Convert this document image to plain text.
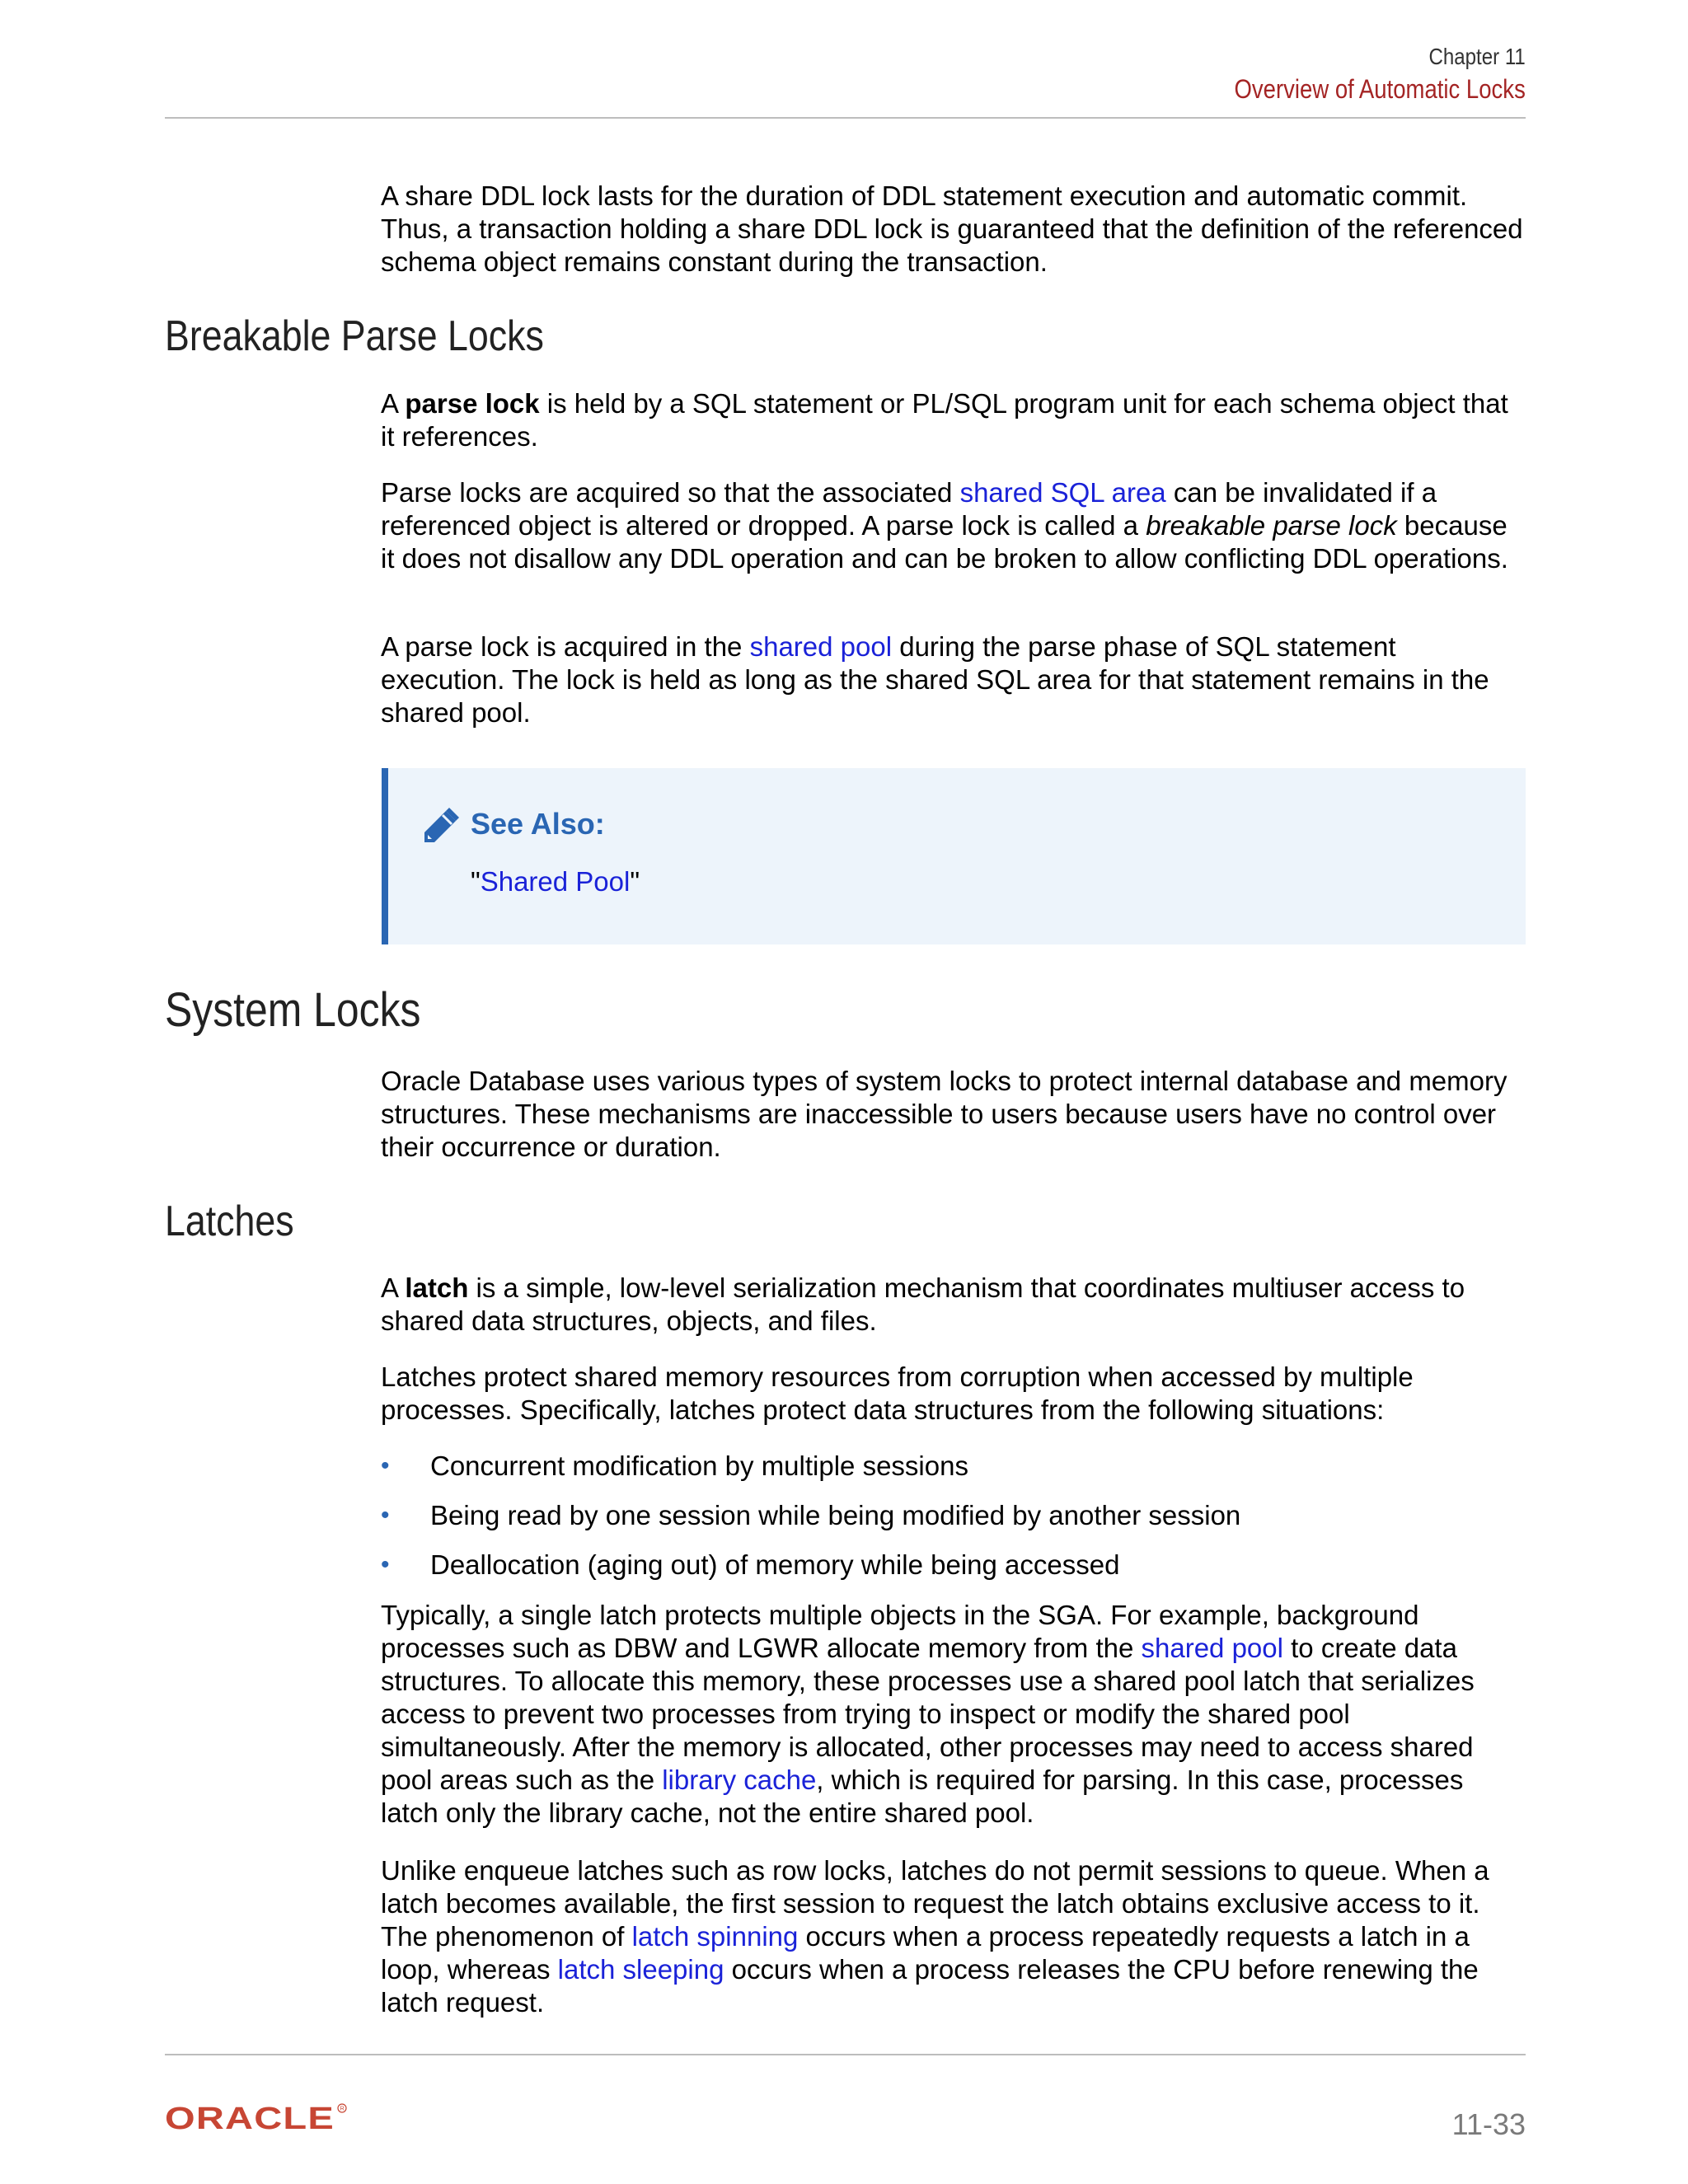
Chapter 11
Overview of Automatic Locks
A share DDL lock lasts for the duration of DDL statement execution and automatic commit. Thus, a transaction holding a share DDL lock is guaranteed that the definition of the referenced schema object remains constant during the transaction.
Breakable Parse Locks
A parse lock is held by a SQL statement or PL/SQL program unit for each schema object that it references.
Parse locks are acquired so that the associated shared SQL area can be invalidated if a referenced object is altered or dropped. A parse lock is called a breakable parse lock because it does not disallow any DDL operation and can be broken to allow conflicting DDL operations.
A parse lock is acquired in the shared pool during the parse phase of SQL statement execution. The lock is held as long as the shared SQL area for that statement remains in the shared pool.
See Also:
"Shared Pool"
System Locks
Oracle Database uses various types of system locks to protect internal database and memory structures. These mechanisms are inaccessible to users because users have no control over their occurrence or duration.
Latches
A latch is a simple, low-level serialization mechanism that coordinates multiuser access to shared data structures, objects, and files.
Latches protect shared memory resources from corruption when accessed by multiple processes. Specifically, latches protect data structures from the following situations:
• Concurrent modification by multiple sessions
• Being read by one session while being modified by another session
• Deallocation (aging out) of memory while being accessed
Typically, a single latch protects multiple objects in the SGA. For example, background processes such as DBW and LGWR allocate memory from the shared pool to create data structures. To allocate this memory, these processes use a shared pool latch that serializes access to prevent two processes from trying to inspect or modify the shared pool simultaneously. After the memory is allocated, other processes may need to access shared pool areas such as the library cache, which is required for parsing. In this case, processes latch only the library cache, not the entire shared pool.
Unlike enqueue latches such as row locks, latches do not permit sessions to queue. When a latch becomes available, the first session to request the latch obtains exclusive access to it. The phenomenon of latch spinning occurs when a process repeatedly requests a latch in a loop, whereas latch sleeping occurs when a process releases the CPU before renewing the latch request.
ORACLE R	11-33
